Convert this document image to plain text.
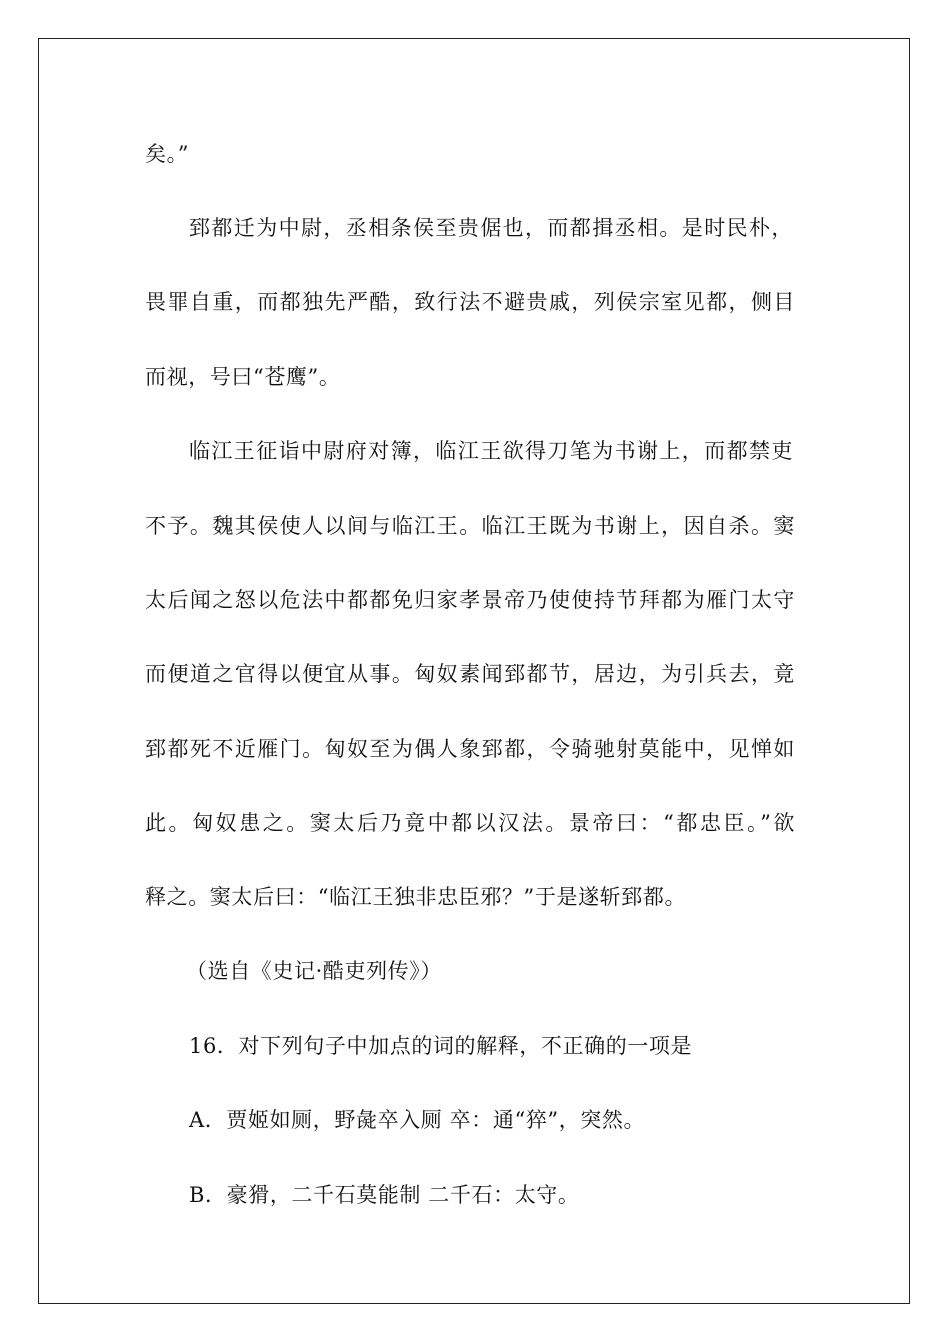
矣。”
郅都迁为中尉，丞相条侯至贵倨也，而都揖丞相。是时民朴，
畏罪自重，而都独先严酷，致行法不避贵戚，列侯宗室见都，侧目
而视，号曰“苍鹰”。
临江王征诣中尉府对簿，临江王欲得刀笔为书谢上，而都禁吏
不予。魏其侯使人以间与临江王。临江王既为书谢上，因自杀。窦
太后闻之怒以危法中都都免归家孝景帝乃使使持节拜都为雁门太守
而便道之官得以便宜从事。匈奴素闻郅都节，居边，为引兵去，竟
郅都死不近雁门。匈奴至为偶人象郅都，令骑驰射莫能中，见惮如
此。匈奴患之。窦太后乃竟中都以汉法。景帝曰：“都忠臣。”欲
释之。窦太后曰：“临江王独非忠臣邪？”于是遂斩郅都。
（选自《史记·酷吏列传》）
16．对下列句子中加点的词的解释，不正确的一项是
A．贾姬如厕，野彘卒入厕 卒：通“猝”，突然。
B．豪猾，二千石莫能制 二千石：太守。
